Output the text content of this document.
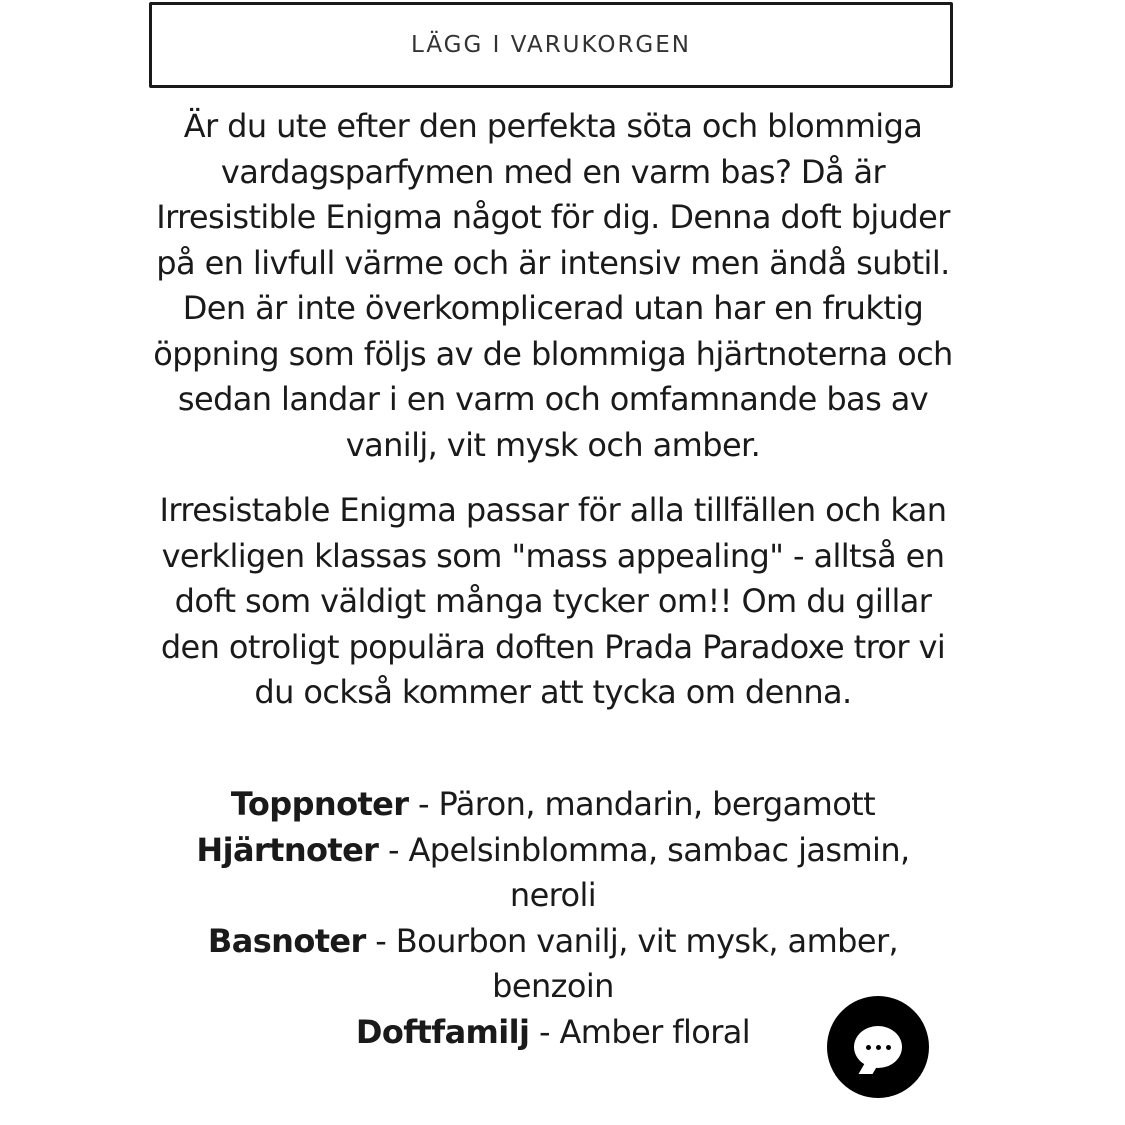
LÄGG I VARUKORGEN

Är du ute efter den perfekta söta och blommiga vardagsparfymen med en varm bas? Då är Irresistible Enigma något för dig. Denna doft bjuder på en livfull värme och är intensiv men ändå subtil. Den är inte överkomplicerad utan har en fruktig öppning som följs av de blommiga hjärtnoterna och sedan landar i en varm och omfamnande bas av vanilj, vit mysk och amber.

Irresistable Enigma passar för alla tillfällen och kan verkligen klassas som "mass appealing" - alltså en doft som väldigt många tycker om!! Om du gillar den otroligt populära doften Prada Paradoxe tror vi du också kommer att tycka om denna.

Toppnoter - Päron, mandarin, bergamott
Hjärtnoter - Apelsinblomma, sambac jasmin, neroli
Basnoter - Bourbon vanilj, vit mysk, amber, benzoin
Doftfamilj - Amber floral
